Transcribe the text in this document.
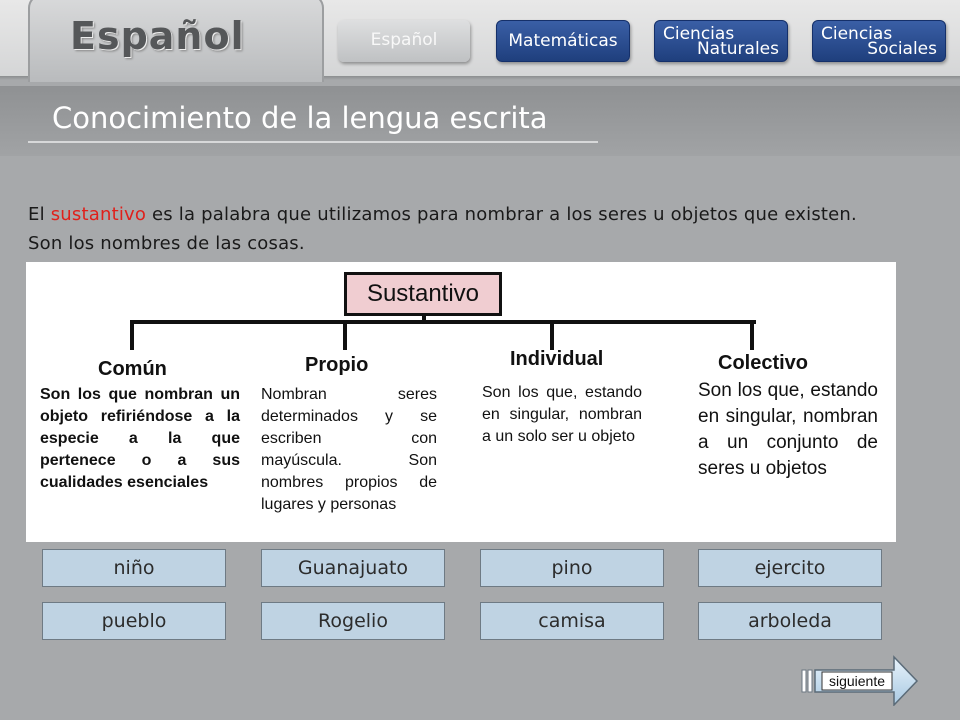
Español	Español	Matemáticas	Ciencias
Naturales
Ciencias
Sociales
Conocimiento de la lengua escrita

El sustantivo es la palabra que utilizamos para nombrar a los seres u objetos que existen. Son los nombres de las cosas.

Sustantivo
Común
Son los que nombran un objeto refiriéndose a la especie a la que pertenece o a sus cualidades esenciales
Propio
Nombran seres determinados y se escriben con mayúscula. Son nombres propios de lugares y personas
Individual
Son los que, estando en singular, nombran a un solo ser u objeto
Colectivo
Son los que, estando en singular, nombran a un conjunto de seres u objetos
niño	Guanajuato	pino	ejercito
pueblo	Rogelio	camisa	arboleda
siguiente
